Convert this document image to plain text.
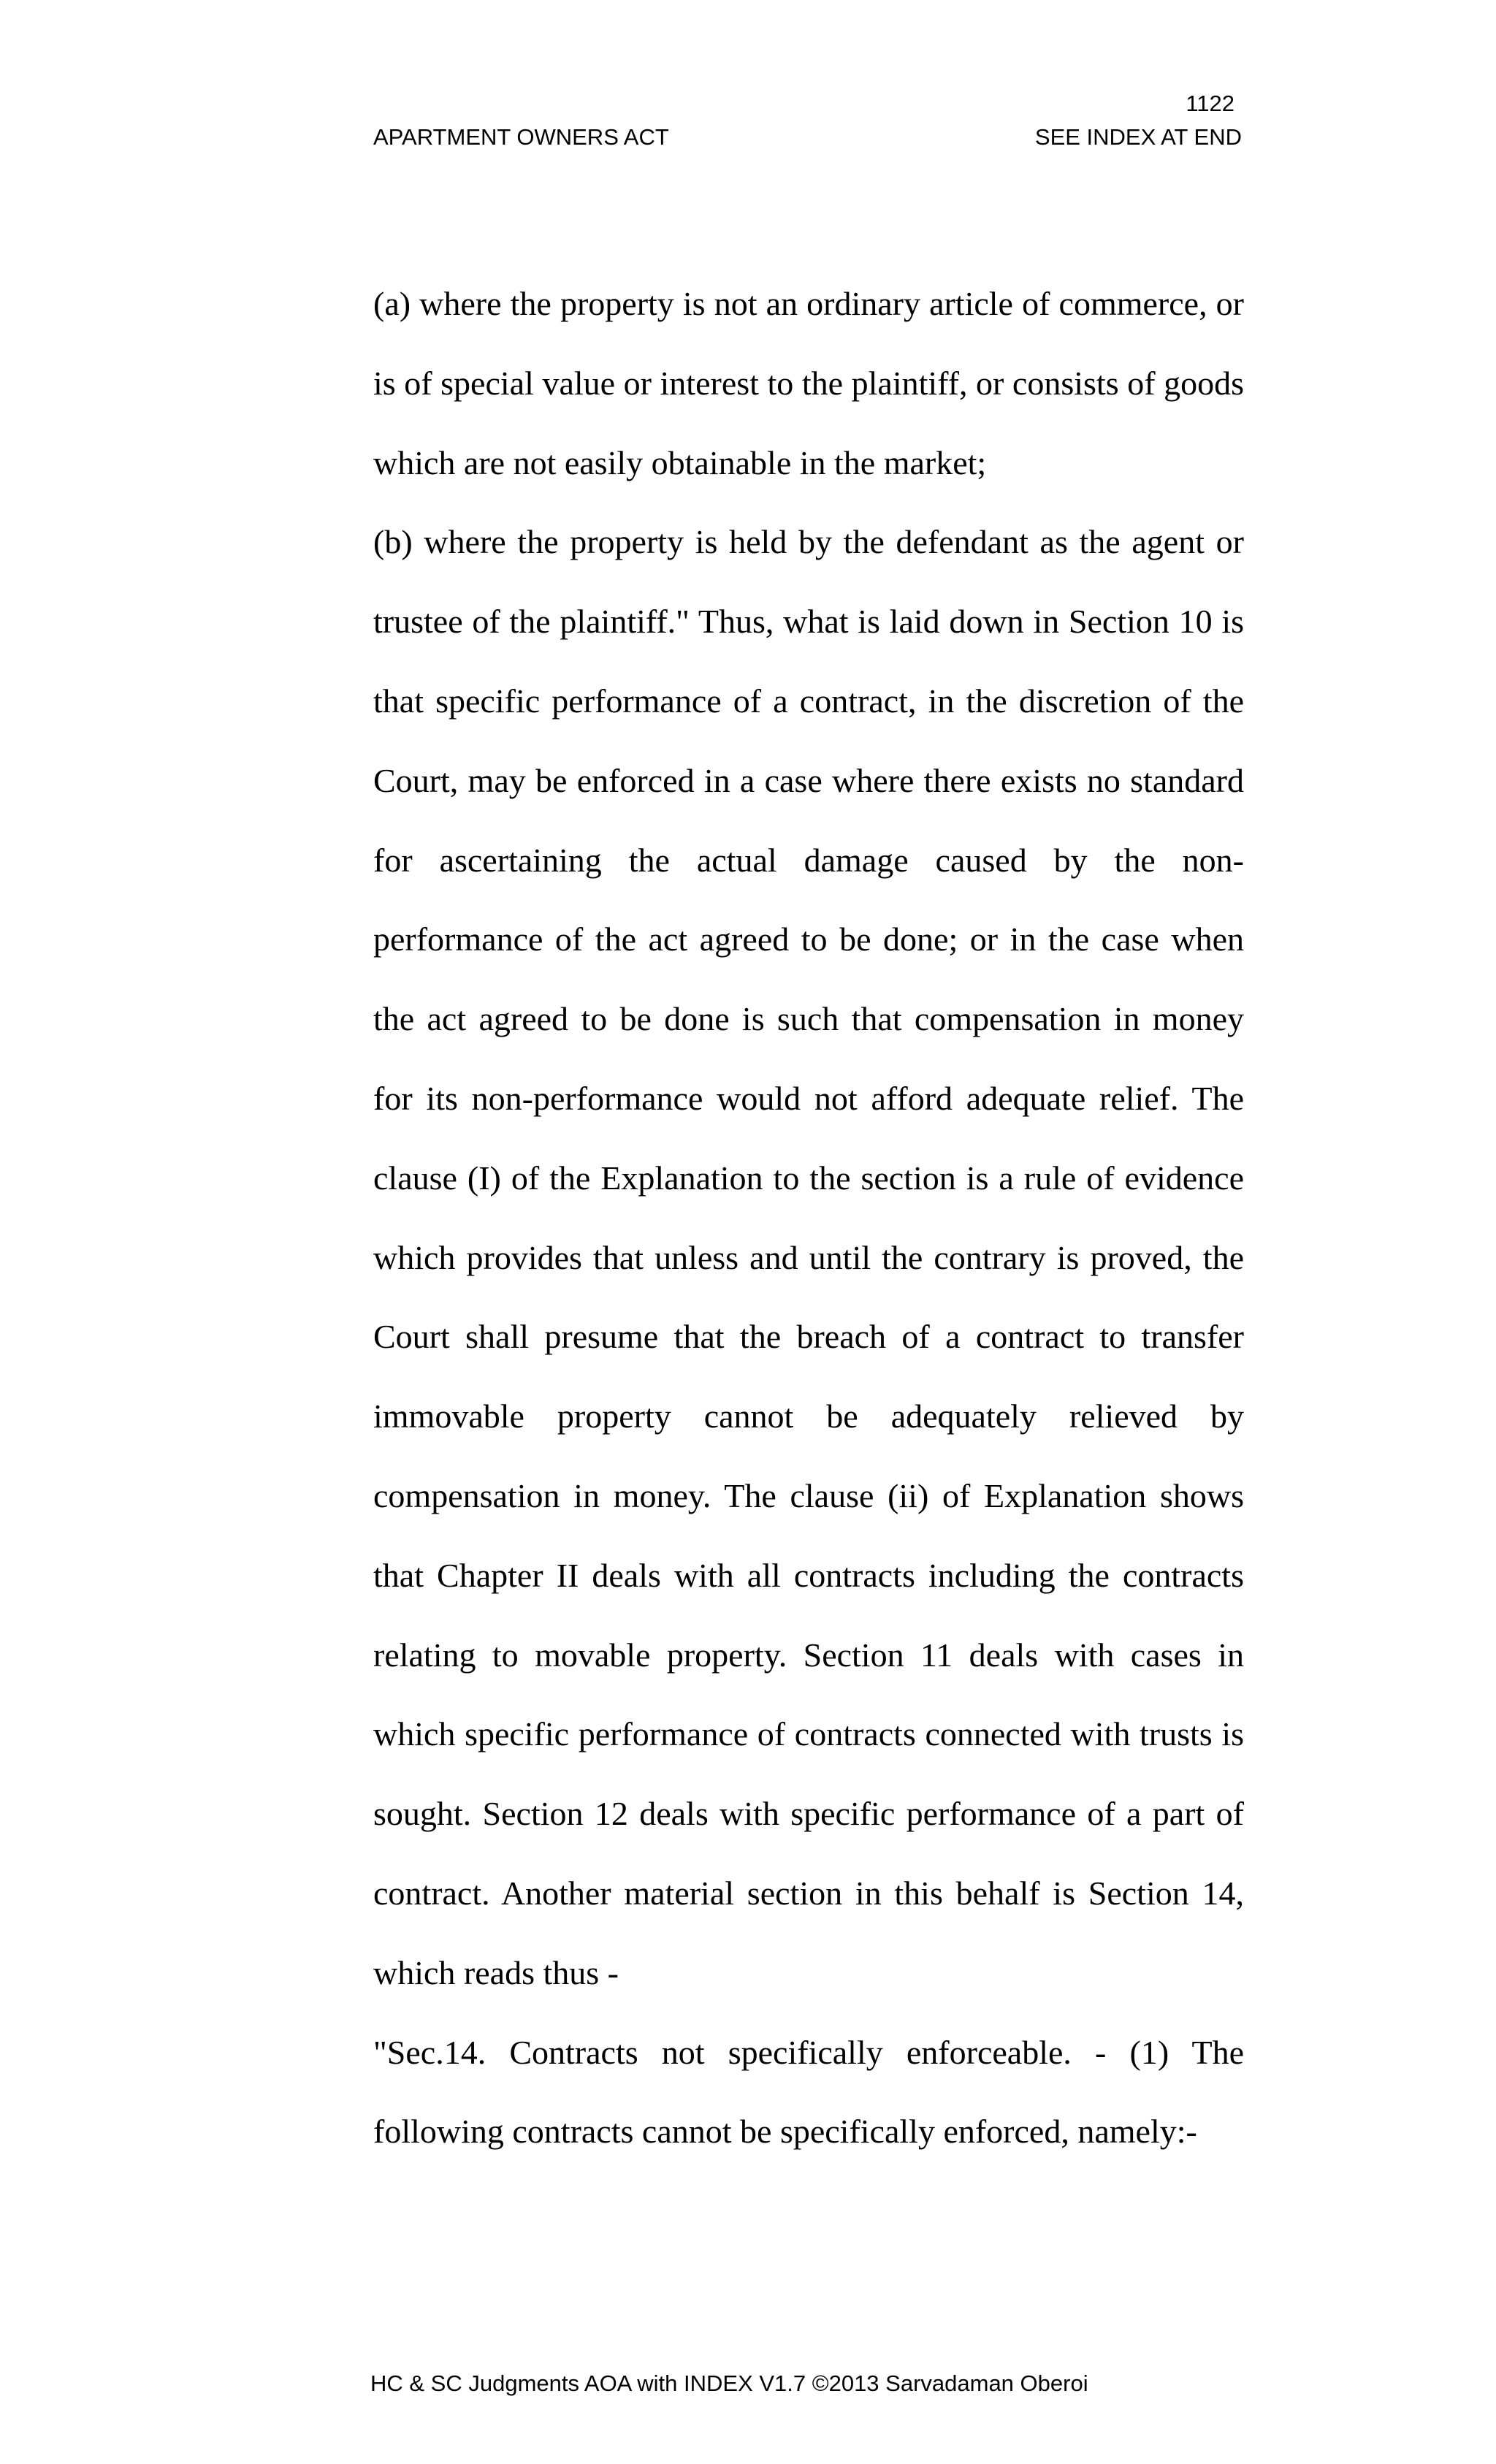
1122
APARTMENT OWNERS ACT	SEE INDEX AT END

(a) where the property is not an ordinary article of commerce, or is of special value or interest to the plaintiff, or consists of goods which are not easily obtainable in the market;

(b) where the property is held by the defendant as the agent or trustee of the plaintiff." Thus, what is laid down in Section 10 is that specific performance of a contract, in the discretion of the Court, may be enforced in a case where there exists no standard for ascertaining the actual damage caused by the non-performance of the act agreed to be done; or in the case when the act agreed to be done is such that compensation in money for its non-performance would not afford adequate relief. The clause (I) of the Explanation to the section is a rule of evidence which provides that unless and until the contrary is proved, the Court shall presume that the breach of a contract to transfer immovable property cannot be adequately relieved by compensation in money. The clause (ii) of Explanation shows that Chapter II deals with all contracts including the contracts relating to movable property. Section 11 deals with cases in which specific performance of contracts connected with trusts is sought. Section 12 deals with specific performance of a part of contract. Another material section in this behalf is Section 14, which reads thus -

"Sec.14. Contracts not specifically enforceable. - (1) The following contracts cannot be specifically enforced, namely:-

HC & SC Judgments AOA with INDEX V1.7 ©2013 Sarvadaman Oberoi
